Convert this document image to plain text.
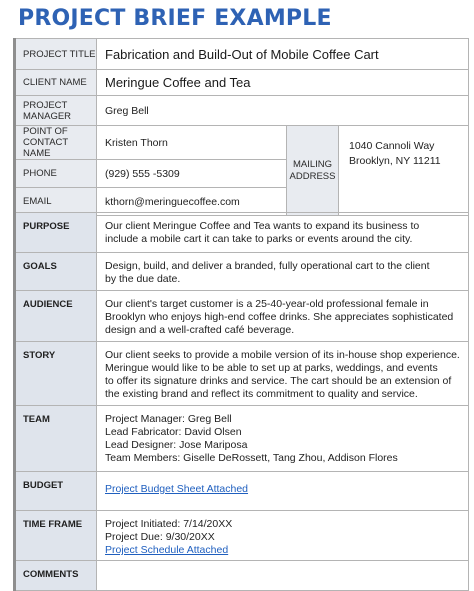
PROJECT BRIEF EXAMPLE
PROJECT TITLE	Fabrication and Build-Out of Mobile Coffee Cart		
CLIENT NAME	Meringue Coffee and Tea		
PROJECT MANAGER	Greg Bell		
POINT OF CONTACT NAME	Kristen Thorn	MAILING ADDRESS	1040 Cannoli Way
Brooklyn, NY 11211

PHONE	(929) 555 -5309		
EMAIL	kthorn@meringuecoffee.com		
PURPOSE	Our client Meringue Coffee and Tea wants to expand its business to
include a mobile cart it can take to parks or events around the city.

GOALS	Design, build, and deliver a branded, fully operational cart to the client
by the due date.

AUDIENCE	Our client's target customer is a 25-40-year-old professional female in
Brooklyn who enjoys high-end coffee drinks. She appreciates sophisticated
design and a well-crafted café beverage.

STORY	Our client seeks to provide a mobile version of its in-house shop experience.
Meringue would like to be able to set up at parks, weddings, and events
to offer its signature drinks and service. The cart should be an extension of
the existing brand and reflect its commitment to quality and service.

TEAM	Project Manager: Greg Bell
Lead Fabricator: David Olsen
Lead Designer: Jose Mariposa
Team Members: Giselle DeRossett, Tang Zhou, Addison Flores

BUDGET	Project Budget Sheet Attached

TIME FRAME	Project Initiated: 7/14/20XX
Project Due: 9/30/20XX
Project Schedule Attached

COMMENTS	
